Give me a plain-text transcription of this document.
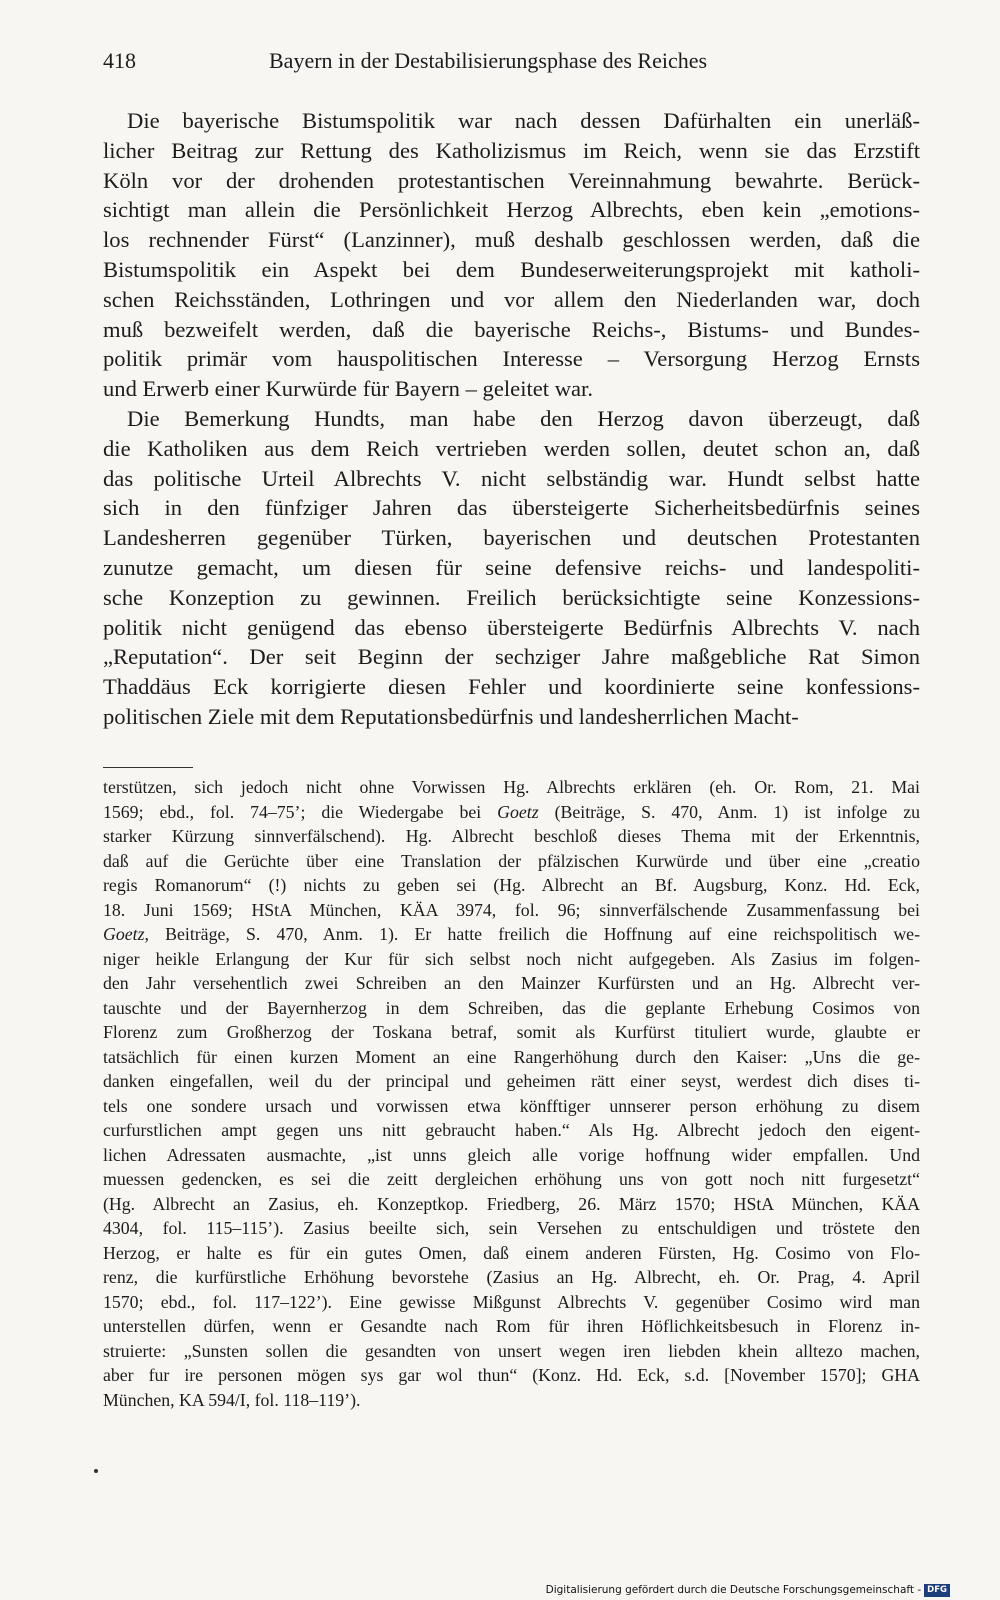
418	Bayern in der Destabilisierungsphase des Reiches
Die bayerische Bistumspolitik war nach dessen Dafürhalten ein unerläß-
licher Beitrag zur Rettung des Katholizismus im Reich, wenn sie das Erzstift
Köln vor der drohenden protestantischen Vereinnahmung bewahrte. Berück-
sichtigt man allein die Persönlichkeit Herzog Albrechts, eben kein „emotions-
los rechnender Fürst“ (Lanzinner), muß deshalb geschlossen werden, daß die
Bistumspolitik ein Aspekt bei dem Bundeserweiterungsprojekt mit katholi-
schen Reichsständen, Lothringen und vor allem den Niederlanden war, doch
muß bezweifelt werden, daß die bayerische Reichs-, Bistums- und Bundes-
politik primär vom hauspolitischen Interesse – Versorgung Herzog Ernsts
und Erwerb einer Kurwürde für Bayern – geleitet war.
Die Bemerkung Hundts, man habe den Herzog davon überzeugt, daß
die Katholiken aus dem Reich vertrieben werden sollen, deutet schon an, daß
das politische Urteil Albrechts V. nicht selbständig war. Hundt selbst hatte
sich in den fünfziger Jahren das übersteigerte Sicherheitsbedürfnis seines
Landesherren gegenüber Türken, bayerischen und deutschen Protestanten
zunutze gemacht, um diesen für seine defensive reichs- und landespoliti-
sche Konzeption zu gewinnen. Freilich berücksichtigte seine Konzessions-
politik nicht genügend das ebenso übersteigerte Bedürfnis Albrechts V. nach
„Reputation“. Der seit Beginn der sechziger Jahre maßgebliche Rat Simon
Thaddäus Eck korrigierte diesen Fehler und koordinierte seine konfessions-
politischen Ziele mit dem Reputationsbedürfnis und landesherrlichen Macht-
terstützen, sich jedoch nicht ohne Vorwissen Hg. Albrechts erklären (eh. Or. Rom, 21. Mai
1569; ebd., fol. 74–75’; die Wiedergabe bei Goetz (Beiträge, S. 470, Anm. 1) ist infolge zu
starker Kürzung sinnverfälschend). Hg. Albrecht beschloß dieses Thema mit der Erkenntnis,
daß auf die Gerüchte über eine Translation der pfälzischen Kurwürde und über eine „creatio
regis Romanorum“ (!) nichts zu geben sei (Hg. Albrecht an Bf. Augsburg, Konz. Hd. Eck,
18. Juni 1569; HStA München, KÄA 3974, fol. 96; sinnverfälschende Zusammenfassung bei
Goetz, Beiträge, S. 470, Anm. 1). Er hatte freilich die Hoffnung auf eine reichspolitisch we-
niger heikle Erlangung der Kur für sich selbst noch nicht aufgegeben. Als Zasius im folgen-
den Jahr versehentlich zwei Schreiben an den Mainzer Kurfürsten und an Hg. Albrecht ver-
tauschte und der Bayernherzog in dem Schreiben, das die geplante Erhebung Cosimos von
Florenz zum Großherzog der Toskana betraf, somit als Kurfürst tituliert wurde, glaubte er
tatsächlich für einen kurzen Moment an eine Rangerhöhung durch den Kaiser: „Uns die ge-
danken eingefallen, weil du der principal und geheimen rätt einer seyst, werdest dich dises ti-
tels one sondere ursach und vorwissen etwa könfftiger unnserer person erhöhung zu disem
curfurstlichen ampt gegen uns nitt gebraucht haben.“ Als Hg. Albrecht jedoch den eigent-
lichen Adressaten ausmachte, „ist unns gleich alle vorige hoffnung wider empfallen. Und
muessen gedencken, es sei die zeitt dergleichen erhöhung uns von gott noch nitt furgesetzt“
(Hg. Albrecht an Zasius, eh. Konzeptkop. Friedberg, 26. März 1570; HStA München, KÄA
4304, fol. 115–115’). Zasius beeilte sich, sein Versehen zu entschuldigen und tröstete den
Herzog, er halte es für ein gutes Omen, daß einem anderen Fürsten, Hg. Cosimo von Flo-
renz, die kurfürstliche Erhöhung bevorstehe (Zasius an Hg. Albrecht, eh. Or. Prag, 4. April
1570; ebd., fol. 117–122’). Eine gewisse Mißgunst Albrechts V. gegenüber Cosimo wird man
unterstellen dürfen, wenn er Gesandte nach Rom für ihren Höflichkeitsbesuch in Florenz in-
struierte: „Sunsten sollen die gesandten von unsert wegen iren liebden khein alltezo machen,
aber fur ire personen mögen sys gar wol thun“ (Konz. Hd. Eck, s.d. [November 1570]; GHA
München, KA 594/I, fol. 118–119’).
Digitalisierung gefördert durch die Deutsche Forschungsgemeinschaft - DFG
